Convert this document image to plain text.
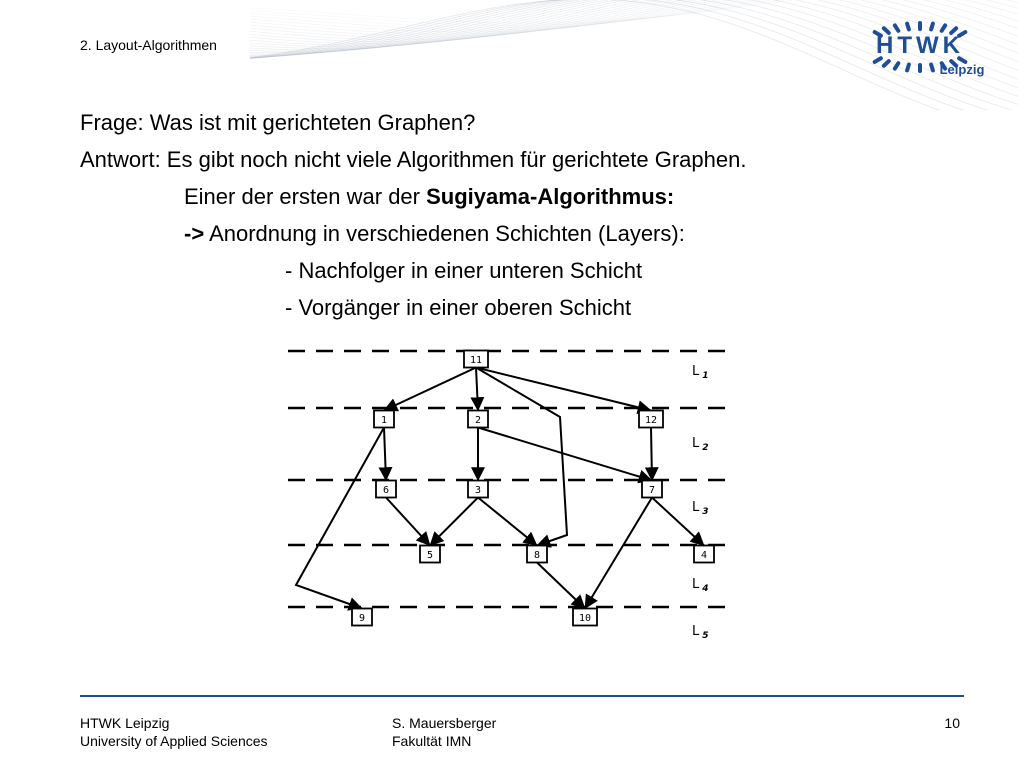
2. Layout-Algorithmen	HTWK
Leipzig
Frage: Was ist mit gerichteten Graphen?
Antwort: Es gibt noch nicht viele Algorithmen für gerichtete Graphen.
Einer der ersten war der Sugiyama-Algorithmus:
-> Anordnung in verschiedenen Schichten (Layers):
- Nachfolger in einer unteren Schicht
- Vorgänger in einer oberen Schicht
11
1	2	12
6	3	7
5	8	4
9	10
L $_1$
L $_2$
L $_3$
L $_4$
L $_5$
HTWK Leipzig
University of Applied Sciences
S. Mauersberger
Fakultät IMN
10
